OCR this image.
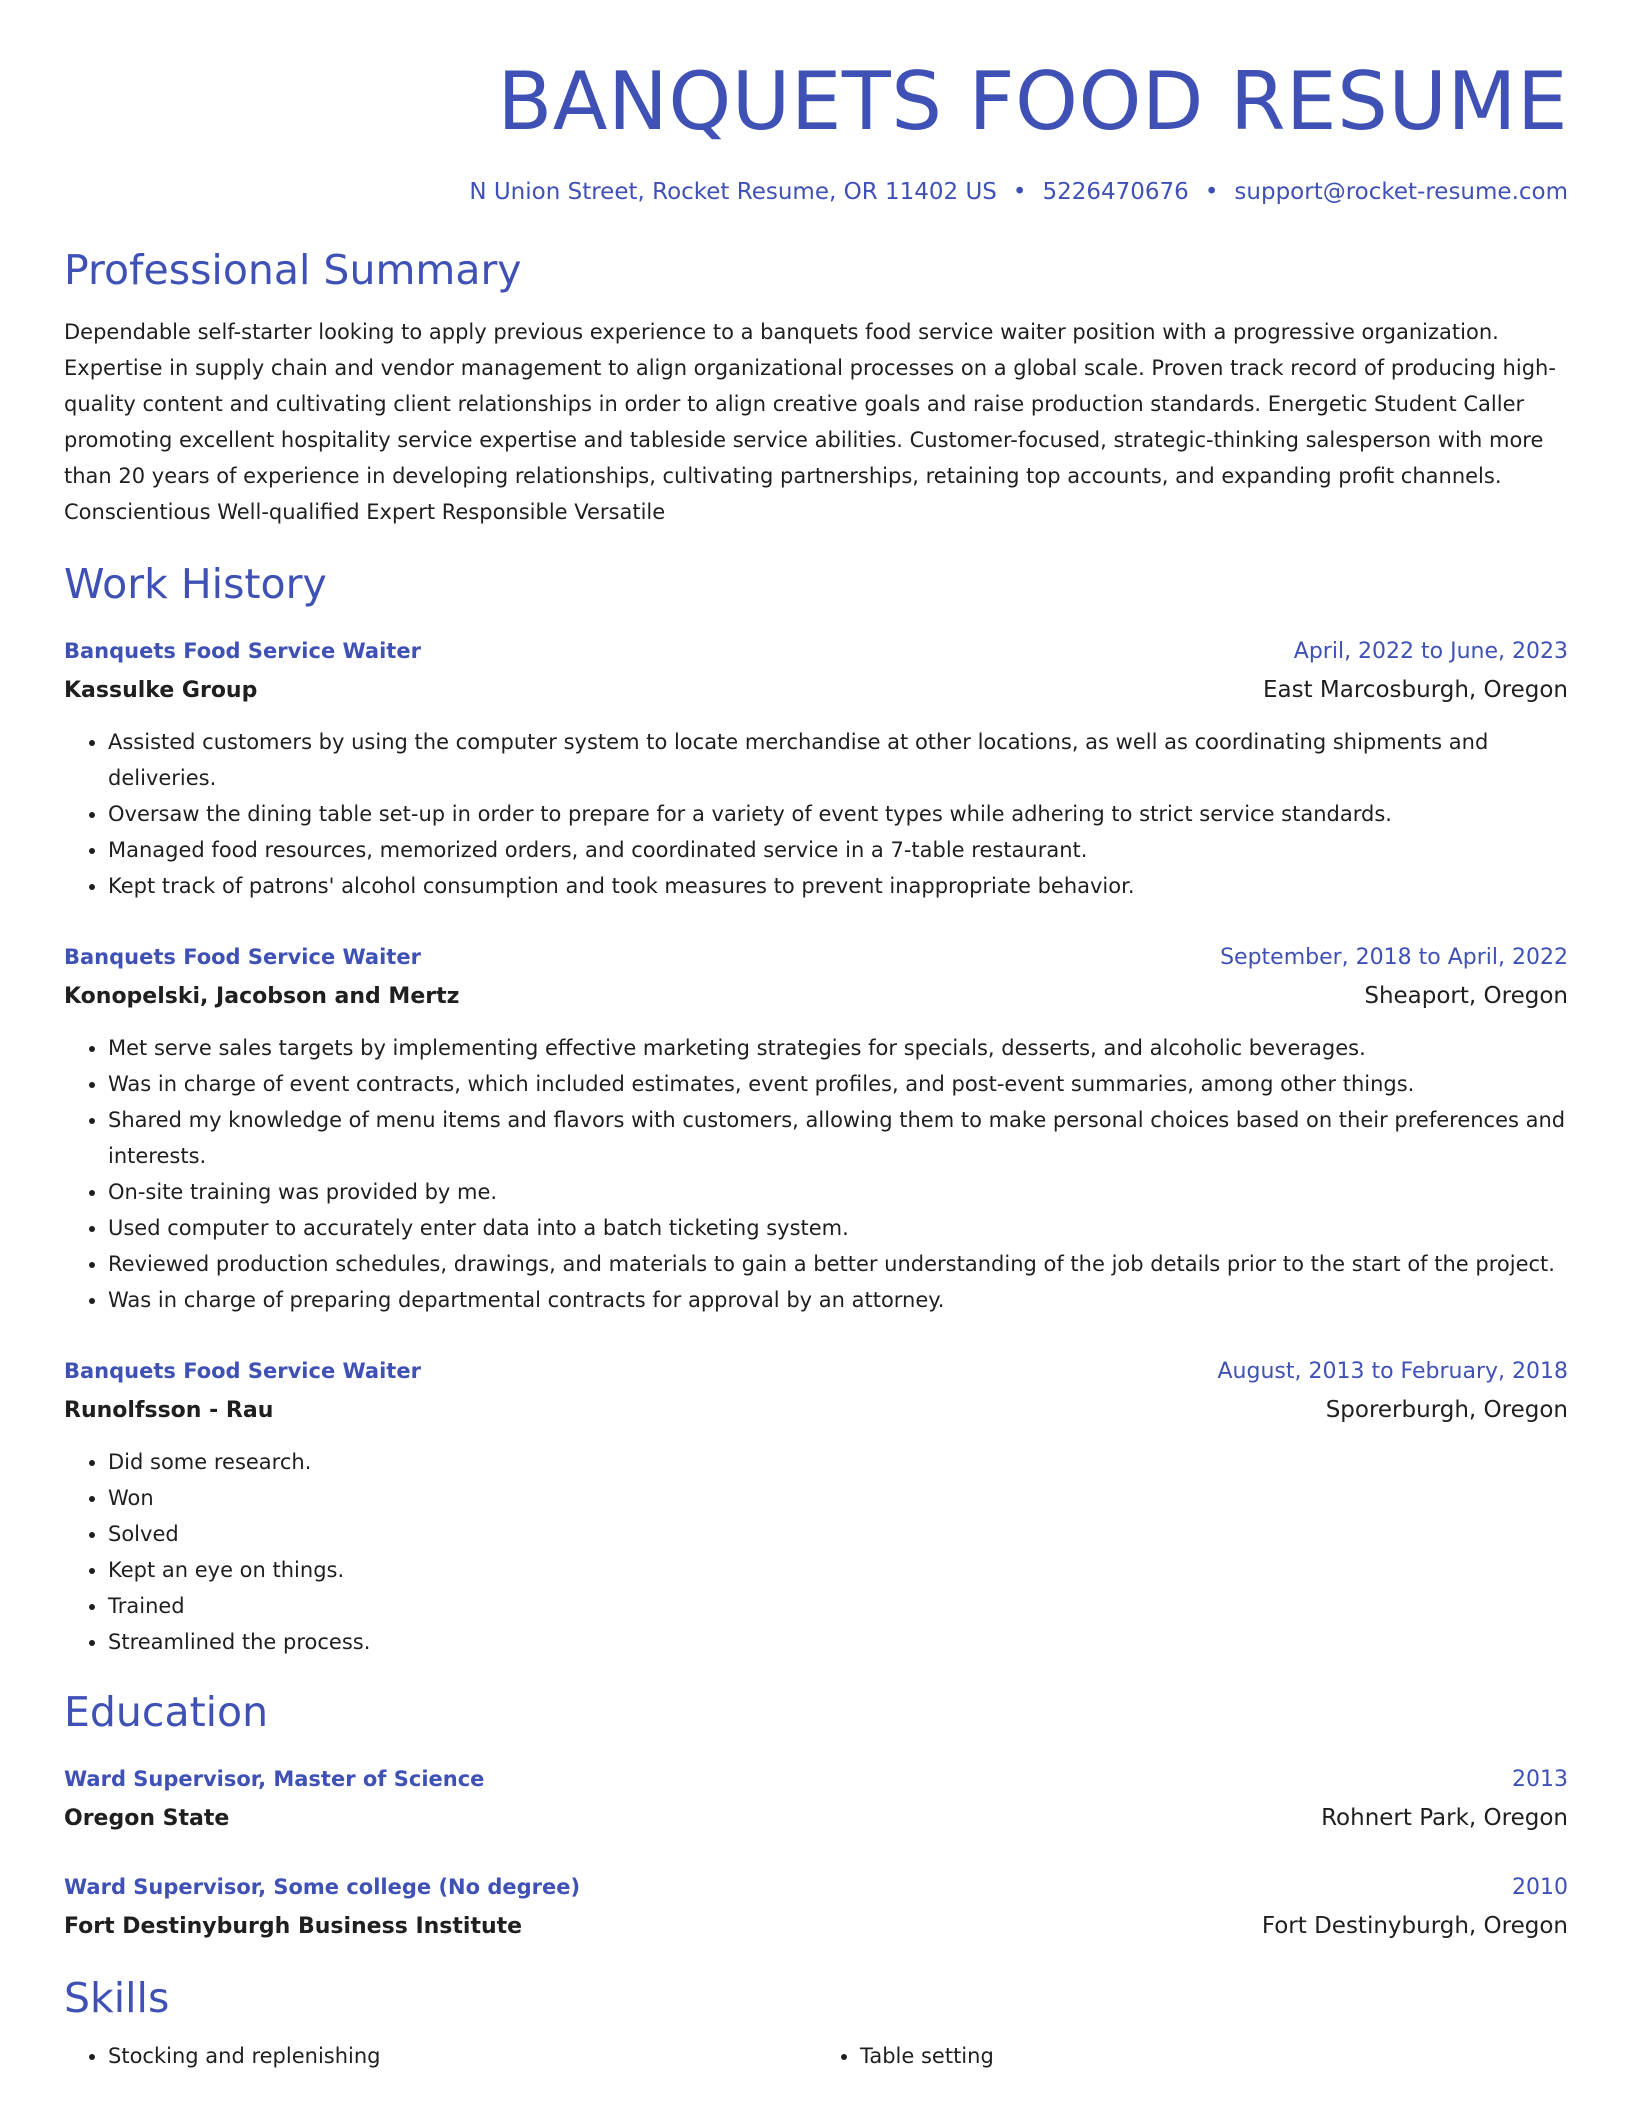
BANQUETS FOOD RESUME
N Union Street, Rocket Resume, OR 11402 US • 5226470676 • support@rocket-resume.com
Professional Summary
Dependable self-starter looking to apply previous experience to a banquets food service waiter position with a progressive organization. Expertise in supply chain and vendor management to align organizational processes on a global scale. Proven track record of producing high-quality content and cultivating client relationships in order to align creative goals and raise production standards. Energetic Student Caller promoting excellent hospitality service expertise and tableside service abilities. Customer-focused, strategic-thinking salesperson with more than 20 years of experience in developing relationships, cultivating partnerships, retaining top accounts, and expanding profit channels. Conscientious Well-qualified Expert Responsible Versatile
Work History
Banquets Food Service Waiter	April, 2022 to June, 2023
Kassulke Group	East Marcosburgh, Oregon
• Assisted customers by using the computer system to locate merchandise at other locations, as well as coordinating shipments and deliveries.
• Oversaw the dining table set-up in order to prepare for a variety of event types while adhering to strict service standards.
• Managed food resources, memorized orders, and coordinated service in a 7-table restaurant.
• Kept track of patrons' alcohol consumption and took measures to prevent inappropriate behavior.
Banquets Food Service Waiter	September, 2018 to April, 2022
Konopelski, Jacobson and Mertz	Sheaport, Oregon
• Met serve sales targets by implementing effective marketing strategies for specials, desserts, and alcoholic beverages.
• Was in charge of event contracts, which included estimates, event profiles, and post-event summaries, among other things.
• Shared my knowledge of menu items and flavors with customers, allowing them to make personal choices based on their preferences and interests.
• On-site training was provided by me.
• Used computer to accurately enter data into a batch ticketing system.
• Reviewed production schedules, drawings, and materials to gain a better understanding of the job details prior to the start of the project.
• Was in charge of preparing departmental contracts for approval by an attorney.
Banquets Food Service Waiter	August, 2013 to February, 2018
Runolfsson - Rau	Sporerburgh, Oregon
• Did some research.
• Won
• Solved
• Kept an eye on things.
• Trained
• Streamlined the process.
Education
Ward Supervisor, Master of Science	2013
Oregon State	Rohnert Park, Oregon
Ward Supervisor, Some college (No degree)	2010
Fort Destinyburgh Business Institute	Fort Destinyburgh, Oregon
Skills
• Stocking and replenishing
•	Table setting
